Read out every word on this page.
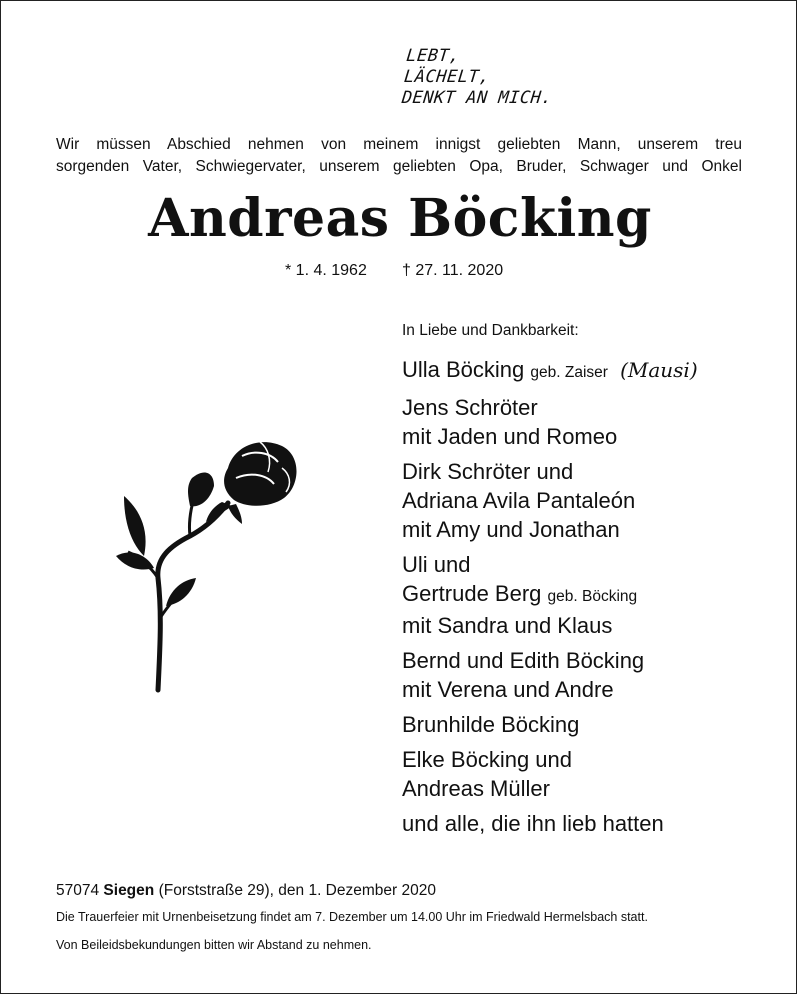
LEBT,
LÄCHELT,
DENKT AN MICH.
Wir müssen Abschied nehmen von meinem innigst geliebten Mann, unserem treu
sorgenden Vater, Schwiegervater, unserem geliebten Opa, Bruder, Schwager und Onkel
Andreas Böcking
* 1. 4. 1962 † 27. 11. 2020
In Liebe und Dankbarkeit:
Ulla Böcking geb. Zaiser (Mausi)
Jens Schröter
mit Jaden und Romeo
Dirk Schröter und
Adriana Avila Pantaleón
mit Amy und Jonathan
Uli und
Gertrude Berg geb. Böcking
mit Sandra und Klaus
Bernd und Edith Böcking
mit Verena und Andre
Brunhilde Böcking
Elke Böcking und
Andreas Müller
und alle, die ihn lieb hatten
57074 Siegen (Forststraße 29), den 1. Dezember 2020
Die Trauerfeier mit Urnenbeisetzung findet am 7. Dezember um 14.00 Uhr im Friedwald Hermelsbach statt.
Von Beileidsbekundungen bitten wir Abstand zu nehmen.
